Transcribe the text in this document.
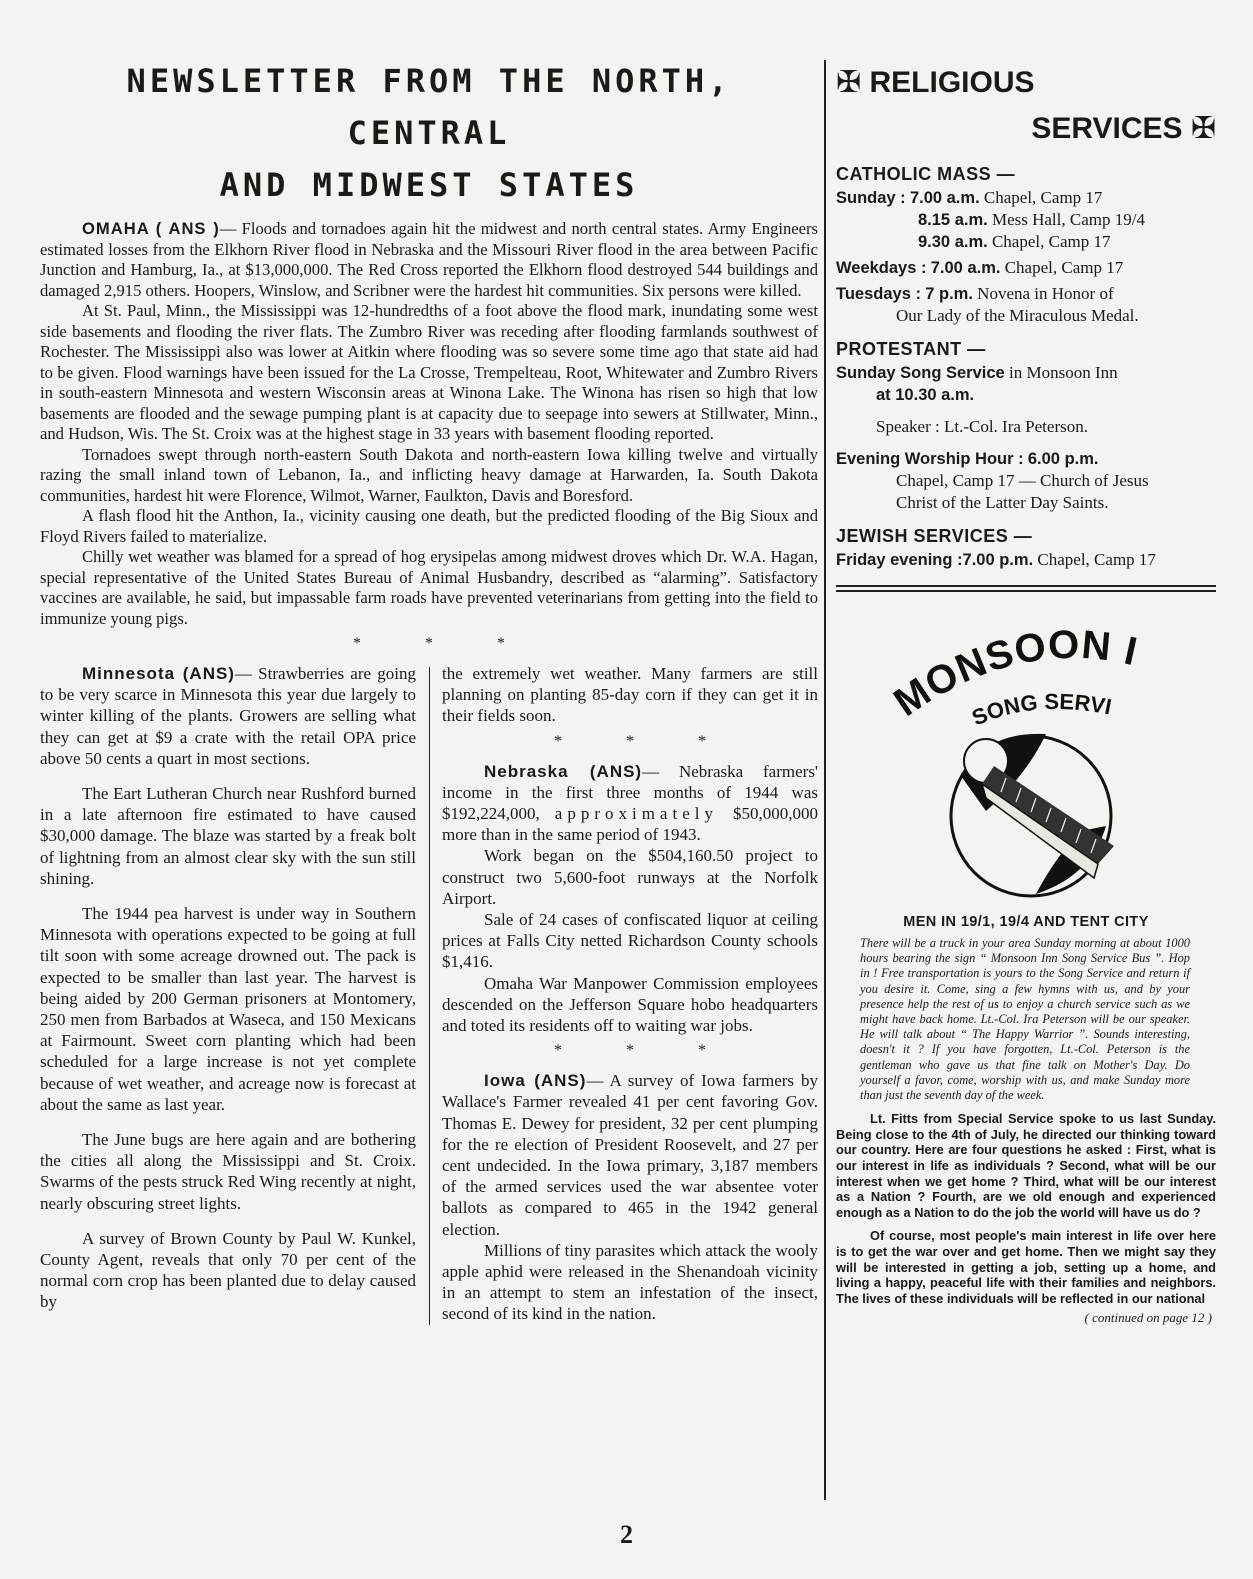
NEWSLETTER FROM THE NORTH, CENTRAL
AND MIDWEST STATES

OMAHA ( ANS )— Floods and tornadoes again hit the midwest and north central states. Army Engineers estimated losses from the Elkhorn River flood in Nebraska and the Missouri River flood in the area between Pacific Junction and Hamburg, Ia., at $13,000,000. The Red Cross reported the Elkhorn flood destroyed 544 buildings and damaged 2,915 others. Hoopers, Winslow, and Scribner were the hardest hit communities. Six persons were killed.

At St. Paul, Minn., the Mississippi was 12-hundredths of a foot above the flood mark, inundating some west side basements and flooding the river flats. The Zumbro River was receding after flooding farmlands southwest of Rochester. The Mississippi also was lower at Aitkin where flooding was so severe some time ago that state aid had to be given. Flood warnings have been issued for the La Crosse, Trempelteau, Root, Whitewater and Zumbro Rivers in south-eastern Minnesota and western Wisconsin areas at Winona Lake. The Winona has risen so high that low basements are flooded and the sewage pumping plant is at capacity due to seepage into sewers at Stillwater, Minn., and Hudson, Wis. The St. Croix was at the highest stage in 33 years with basement flooding reported.

Tornadoes swept through north-eastern South Dakota and north-eastern Iowa killing twelve and virtually razing the small inland town of Lebanon, Ia., and inflicting heavy damage at Harwarden, Ia. South Dakota communities, hardest hit were Florence, Wilmot, Warner, Faulkton, Davis and Boresford.

A flash flood hit the Anthon, Ia., vicinity causing one death, but the predicted flooding of the Big Sioux and Floyd Rivers failed to materialize.

Chilly wet weather was blamed for a spread of hog erysipelas among midwest droves which Dr. W.A. Hagan, special representative of the United States Bureau of Animal Husbandry, described as “alarming”. Satisfactory vaccines are available, he said, but impassable farm roads have prevented veterinarians from getting into the field to immunize young pigs.

* * *

Minnesota (ANS)— Strawberries are going to be very scarce in Minnesota this year due largely to winter killing of the plants. Growers are selling what they can get at $9 a crate with the retail OPA price above 50 cents a quart in most sections.

The Eart Lutheran Church near Rushford burned in a late afternoon fire estimated to have caused $30,000 damage. The blaze was started by a freak bolt of lightning from an almost clear sky with the sun still shining.

The 1944 pea harvest is under way in Southern Minnesota with operations expected to be going at full tilt soon with some acreage drowned out. The pack is expected to be smaller than last year. The harvest is being aided by 200 German prisoners at Montomery, 250 men from Barbados at Waseca, and 150 Mexicans at Fairmount. Sweet corn planting which had been scheduled for a large increase is not yet complete because of wet weather, and acreage now is forecast at about the same as last year.

The June bugs are here again and are bothering the cities all along the Mississippi and St. Croix. Swarms of the pests struck Red Wing recently at night, nearly obscuring street lights.

A survey of Brown County by Paul W. Kunkel, County Agent, reveals that only 70 per cent of the normal corn crop has been planted due to delay caused by

the extremely wet weather. Many farmers are still planning on planting 85-day corn if they can get it in their fields soon.

* * *

Nebraska (ANS)— Nebraska farmers' income in the first three months of 1944 was $192,224,000, approximately $50,000,000 more than in the same period of 1943.

Work began on the $504,160.50 project to construct two 5,600-foot runways at the Norfolk Airport.

Sale of 24 cases of confiscated liquor at ceiling prices at Falls City netted Richardson County schools $1,416.

Omaha War Manpower Commission employees descended on the Jefferson Square hobo headquarters and toted its residents off to waiting war jobs.

* * *

Iowa (ANS)— A survey of Iowa farmers by Wallace's Farmer revealed 41 per cent favoring Gov. Thomas E. Dewey for president, 32 per cent plumping for the re election of President Roosevelt, and 27 per cent undecided. In the Iowa primary, 3,187 members of the armed services used the war absentee voter ballots as compared to 465 in the 1942 general election.

Millions of tiny parasites which attack the wooly apple aphid were released in the Shenandoah vicinity in an attempt to stem an infestation of the insect, second of its kind in the nation.

✠ RELIGIOUS

SERVICES ✠

CATHOLIC MASS —

Sunday : 7.00 a.m. Chapel, Camp 17

8.15 a.m. Mess Hall, Camp 19/4

9.30 a.m. Chapel, Camp 17

Weekdays : 7.00 a.m. Chapel, Camp 17

Tuesdays : 7 p.m. Novena in Honor of

Our Lady of the Miraculous Medal.

PROTESTANT —

Sunday Song Service in Monsoon Inn

at 10.30 a.m.

Speaker : Lt.-Col. Ira Peterson.

Evening Worship Hour : 6.00 p.m.

Chapel, Camp 17 — Church of Jesus

Christ of the Latter Day Saints.

JEWISH SERVICES —

Friday evening :7.00 p.m. Chapel, Camp 17

MONSOON I
SONG SERVI
MEN IN 19/1, 19/4 AND TENT CITY

There will be a truck in your area Sunday morning at about 1000 hours bearing the sign “ Monsoon Inn Song Service Bus ”. Hop in ! Free transportation is yours to the Song Service and return if you desire it. Come, sing a few hymns with us, and by your presence help the rest of us to enjoy a church service such as we might have back home. Lt.-Col. Ira Peterson will be our speaker. He will talk about “ The Happy Warrior ”. Sounds interesting, doesn't it ? If you have forgotten, Lt.-Col. Peterson is the gentleman who gave us that fine talk on Mother's Day. Do yourself a favor, come, worship with us, and make Sunday more than just the seventh day of the week.

Lt. Fitts from Special Service spoke to us last Sunday. Being close to the 4th of July, he directed our thinking toward our country. Here are four questions he asked : First, what is our interest in life as individuals ? Second, what will be our interest when we get home ? Third, what will be our interest as a Nation ? Fourth, are we old enough and experienced enough as a Nation to do the job the world will have us do ?

Of course, most people's main interest in life over here is to get the war over and get home. Then we might say they will be interested in getting a job, setting up a home, and living a happy, peaceful life with their families and neighbors. The lives of these individuals will be reflected in our national

( continued on page 12 )

2
